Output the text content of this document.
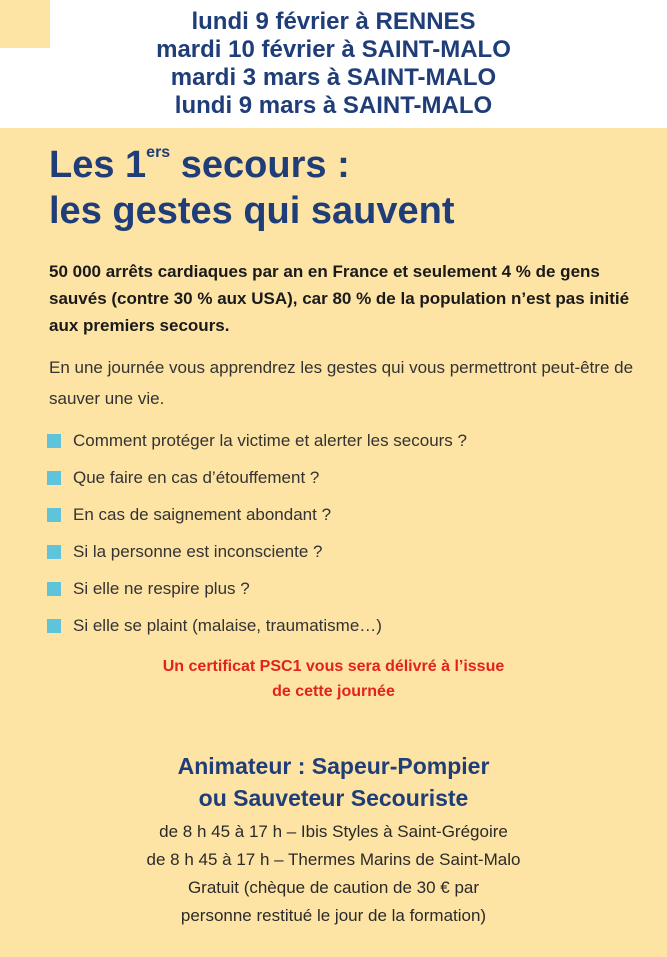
lundi 9 février à RENNES
mardi 10 février à SAINT-MALO
mardi 3 mars à SAINT-MALO
lundi 9 mars à SAINT-MALO
Les 1ers secours :
les gestes qui sauvent
50 000 arrêts cardiaques par an en France et seulement 4 % de gens sauvés (contre 30 % aux USA), car 80 % de la population n’est pas initié aux premiers secours.
En une journée vous apprendrez les gestes qui vous permettront peut-être de sauver une vie.
Comment protéger la victime et alerter les secours ?
Que faire en cas d’étouffement ?
En cas de saignement abondant ?
Si la personne est inconsciente ?
Si elle ne respire plus ?
Si elle se plaint (malaise, traumatisme…)
Un certificat PSC1 vous sera délivré à l’issue
de cette journée
Animateur : Sapeur-Pompier
ou Sauveteur Secouriste
de 8 h 45 à 17 h – Ibis Styles à Saint-Grégoire
de 8 h 45 à 17 h – Thermes Marins de Saint-Malo
Gratuit (chèque de caution de 30 € par
personne restitué le jour de la formation)
